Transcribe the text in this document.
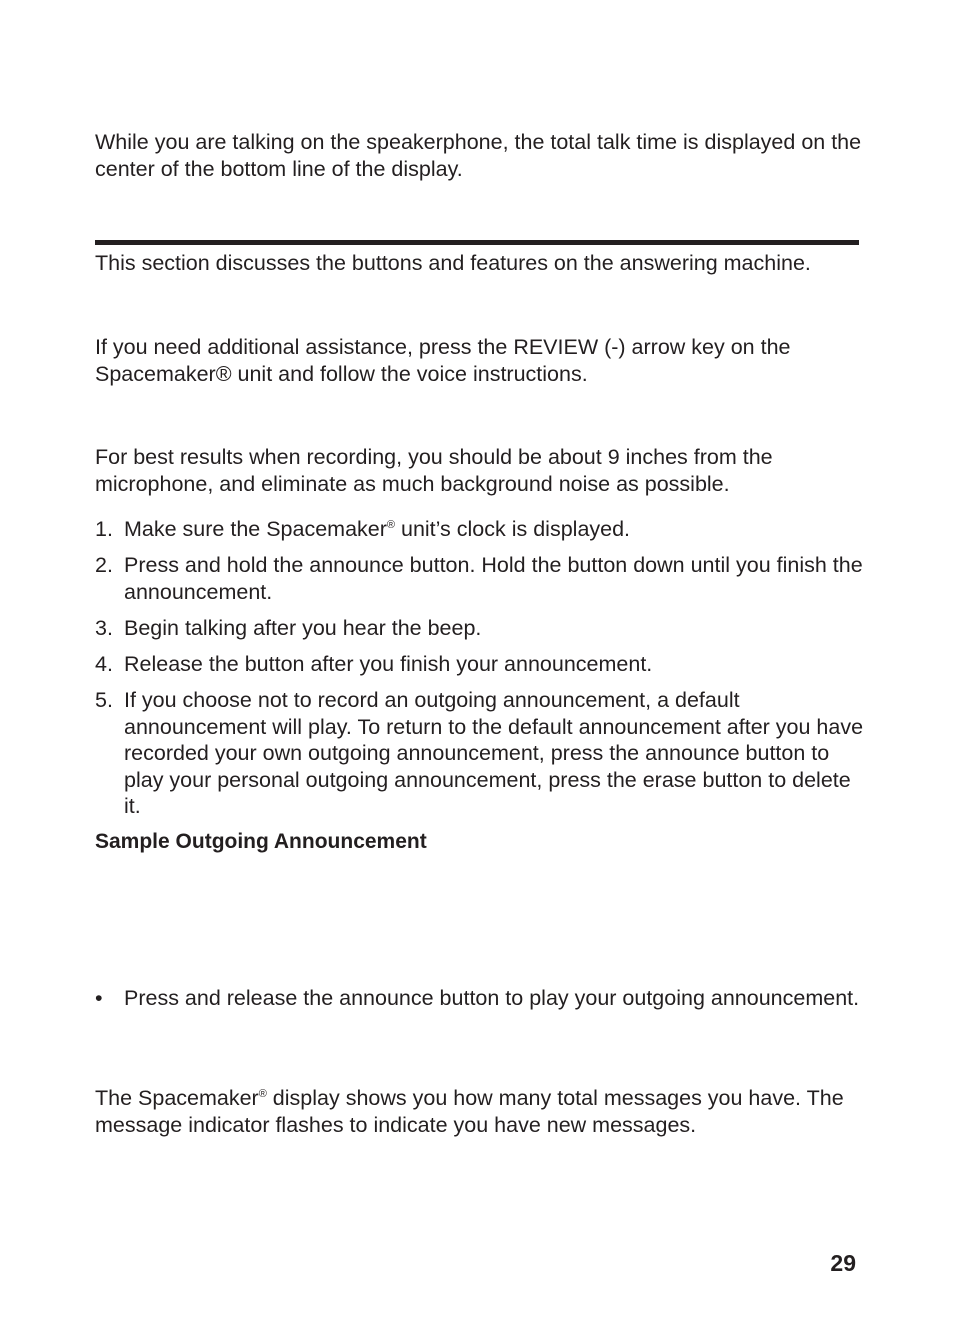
While you are talking on the speakerphone, the total talk time is displayed on the center of the bottom line of the display.

This section discusses the buttons and features on the answering machine.

If you need additional assistance, press the REVIEW (-) arrow key on the Spacemaker® unit and follow the voice instructions.

For best results when recording, you should be about 9 inches from the microphone, and eliminate as much background noise as possible.

1. Make sure the Spacemaker® unit’s clock is displayed.
2. Press and hold the announce button. Hold the button down until you finish the announcement.
3. Begin talking after you hear the beep.
4. Release the button after you finish your announcement.
5. If you choose not to record an outgoing announcement, a default announcement will play. To return to the default announcement after you have recorded your own outgoing announcement, press the announce button to play your personal outgoing announcement, press the erase button to delete it.

Sample Outgoing Announcement

• Press and release the announce button to play your outgoing announcement.

The Spacemaker® display shows you how many total messages you have. The message indicator flashes to indicate you have new messages.

29
